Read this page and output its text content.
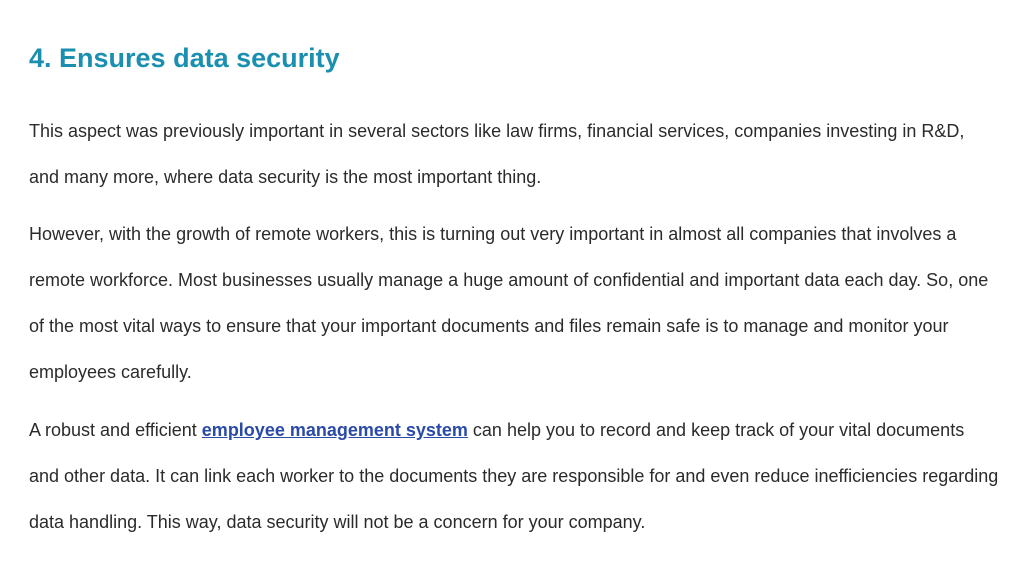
4. Ensures data security

This aspect was previously important in several sectors like law firms, financial services, companies investing in R&D, and many more, where data security is the most important thing.

However, with the growth of remote workers, this is turning out very important in almost all companies that involves a remote workforce. Most businesses usually manage a huge amount of confidential and important data each day. So, one of the most vital ways to ensure that your important documents and files remain safe is to manage and monitor your employees carefully.

A robust and efficient employee management system can help you to record and keep track of your vital documents and other data. It can link each worker to the documents they are responsible for and even reduce inefficiencies regarding data handling. This way, data security will not be a concern for your company.
